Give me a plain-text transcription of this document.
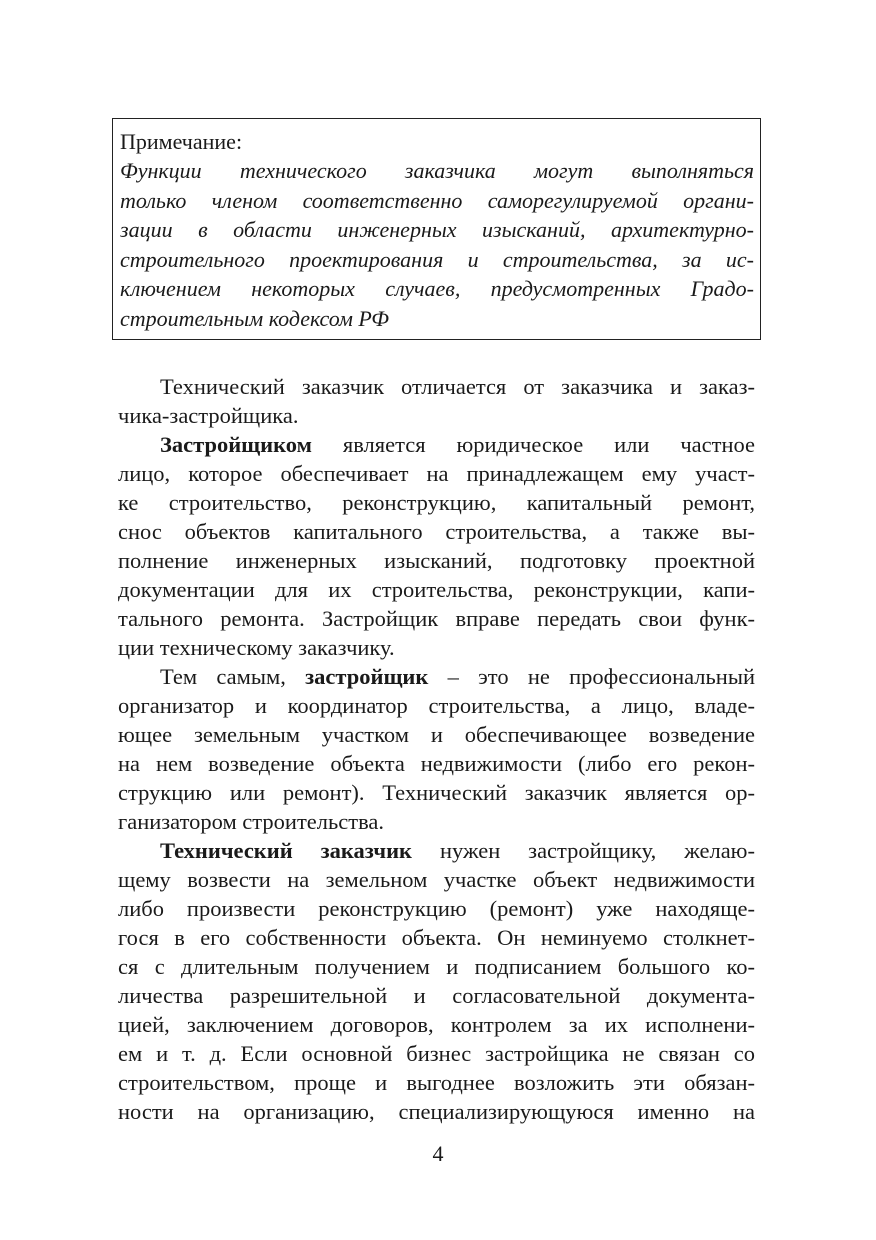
Примечание:
Функции технического заказчика могут выполняться
только членом соответственно саморегулируемой органи-
зации в области инженерных изысканий, архитектурно-
строительного проектирования и строительства, за ис-
ключением некоторых случаев, предусмотренных Градо-
строительным кодексом РФ
Технический заказчик отличается от заказчика и заказ-
чика-застройщика.
Застройщиком является юридическое или частное
лицо, которое обеспечивает на принадлежащем ему участ-
ке строительство, реконструкцию, капитальный ремонт,
снос объектов капитального строительства, а также вы-
полнение инженерных изысканий, подготовку проектной
документации для их строительства, реконструкции, капи-
тального ремонта. Застройщик вправе передать свои функ-
ции техническому заказчику.
Тем самым, застройщик – это не профессиональный
организатор и координатор строительства, а лицо, владе-
ющее земельным участком и обеспечивающее возведение
на нем возведение объекта недвижимости (либо его рекон-
струкцию или ремонт). Технический заказчик является ор-
ганизатором строительства.
Технический заказчик нужен застройщику, желаю-
щему возвести на земельном участке объект недвижимости
либо произвести реконструкцию (ремонт) уже находяще-
гося в его собственности объекта. Он неминуемо столкнет-
ся с длительным получением и подписанием большого ко-
личества разрешительной и согласовательной документа-
цией, заключением договоров, контролем за их исполнени-
ем и т. д. Если основной бизнес застройщика не связан со
строительством, проще и выгоднее возложить эти обязан-
ности на организацию, специализирующуюся именно на
4
